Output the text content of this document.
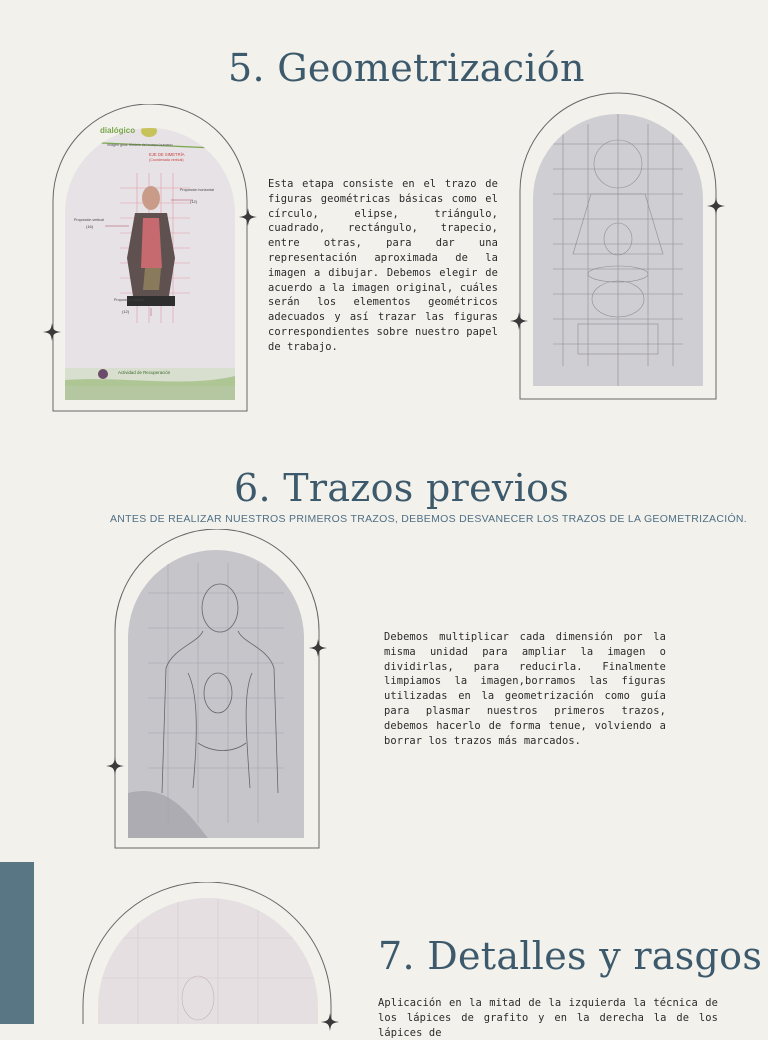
5. Geometrización
dialógico
Imagen guía: Modelo del cuerpo humano
EJE DE SIMETRÍA
(Coordenada vertical)
Proporción horizontal
(12)
Proporción vertical
(16)
Proporción vertical
(12)
Actividad de Recuperación
Esta etapa consiste en el trazo de figuras geométricas básicas como el círculo, elipse, triángulo, cuadrado, rectángulo, trapecio, entre otras, para dar una representación aproximada de la imagen a dibujar. Debemos elegir de acuerdo a la imagen original, cuáles serán los elementos geométricos adecuados y así trazar las figuras correspondientes sobre nuestro papel de trabajo.
6. Trazos previos
ANTES DE REALIZAR NUESTROS PRIMEROS TRAZOS, DEBEMOS DESVANECER LOS TRAZOS DE LA GEOMETRIZACIÓN.
Debemos multiplicar cada dimensión por la misma unidad para ampliar la imagen o dividirlas, para reducirla. Finalmente limpiamos la imagen,borramos las figuras utilizadas en la geometrización como guía para plasmar nuestros primeros trazos, debemos hacerlo de forma tenue, volviendo a borrar los trazos más marcados.
7. Detalles y rasgos
Aplicación en la mitad de la izquierda la técnica de los lápices de grafito y en la derecha la de los lápices de
